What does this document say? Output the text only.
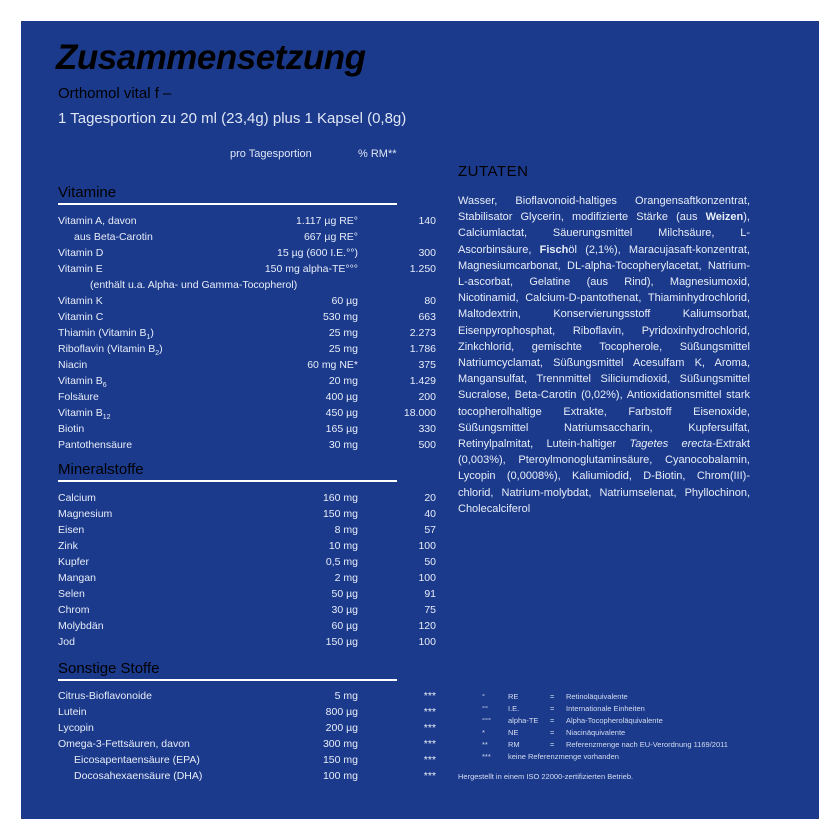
Zusammensetzung
Orthomol vital f –
1 Tagesportion zu 20 ml (23,4g) plus 1 Kapsel (0,8g)
pro Tagesportion	% RM**
Vitamine
Vitamin A, davon	1.117 µg RE°	140
aus Beta-Carotin	667 µg RE°
Vitamin D	15 µg (600 I.E.°°)	300
Vitamin E	150 mg alpha-TE°°°	1.250
(enthält u.a. Alpha- und Gamma-Tocopherol)
Vitamin K	60 µg	80
Vitamin C	530 mg	663
Thiamin (Vitamin $B_1$)	25 mg	2.273
Riboflavin (Vitamin $B_2$)	25 mg	1.786
Niacin	60 mg NE*	375
Vitamin $B_6$	20 mg	1.429
Folsäure	400 µg	200
Vitamin $B_{12}$	450 µg	18.000
Biotin	165 µg	330
Pantothensäure	30 mg	500
Mineralstoffe
Calcium	160 mg	20
Magnesium	150 mg	40
Eisen	8 mg	57
Zink	10 mg	100
Kupfer	0,5 mg	50
Mangan	2 mg	100
Selen	50 µg	91
Chrom	30 µg	75
Molybdän	60 µg	120
Jod	150 µg	100
Sonstige Stoffe
Citrus-Bioflavonoide	5 mg	***
Lutein	800 µg	***
Lycopin	200 µg	***
Omega-3-Fettsäuren, davon	300 mg	***
Eicosapentaensäure (EPA)	150 mg	***
Docosahexaensäure (DHA)	100 mg	***
ZUTATEN
Wasser, Bioflavonoid-haltiges Orangensaftkonzentrat, Stabilisator Glycerin, modifizierte Stärke (aus Weizen), Calciumlactat, Säuerungsmittel Milchsäure, L-Ascorbinsäure, Fischöl (2,1%), Maracujasaft-konzentrat, Magnesiumcarbonat, DL-alpha-Tocopherylacetat, Natrium-L-ascorbat, Gelatine (aus Rind), Magnesiumoxid, Nicotinamid, Calcium-D-pantothenat, Thiaminhydrochlorid, Maltodextrin, Konservierungsstoff Kaliumsorbat, Eisenpyrophosphat, Riboflavin, Pyridoxinhydrochlorid, Zinkchlorid, gemischte Tocopherole, Süßungsmittel Natriumcyclamat, Süßungsmittel Acesulfam K, Aroma, Mangansulfat, Trennmittel Siliciumdioxid, Süßungsmittel Sucralose, Beta-Carotin (0,02%), Antioxidationsmittel stark tocopherolhaltige Extrakte, Farbstoff Eisenoxide, Süßungsmittel Natriumsaccharin, Kupfersulfat, Retinylpalmitat, Lutein-haltiger Tagetes erecta-Extrakt (0,003%), Pteroylmonoglutaminsäure, Cyanocobalamin, Lycopin (0,0008%), Kaliumiodid, D-Biotin, Chrom(III)-chlorid, Natrium-molybdat, Natriumselenat, Phyllochinon, Cholecalciferol
°	RE	= Retinoläquivalente
°°	I.E.	= Internationale Einheiten
°°° alpha-TE = Alpha-Tocopheroläquivalente
*	NE	= Niacinäquivalente
**	RM	= Referenzmenge nach EU-Verordnung 1169/2011
*** keine Referenzmenge vorhanden
Hergestellt in einem ISO 22000-zertifizierten Betrieb.
